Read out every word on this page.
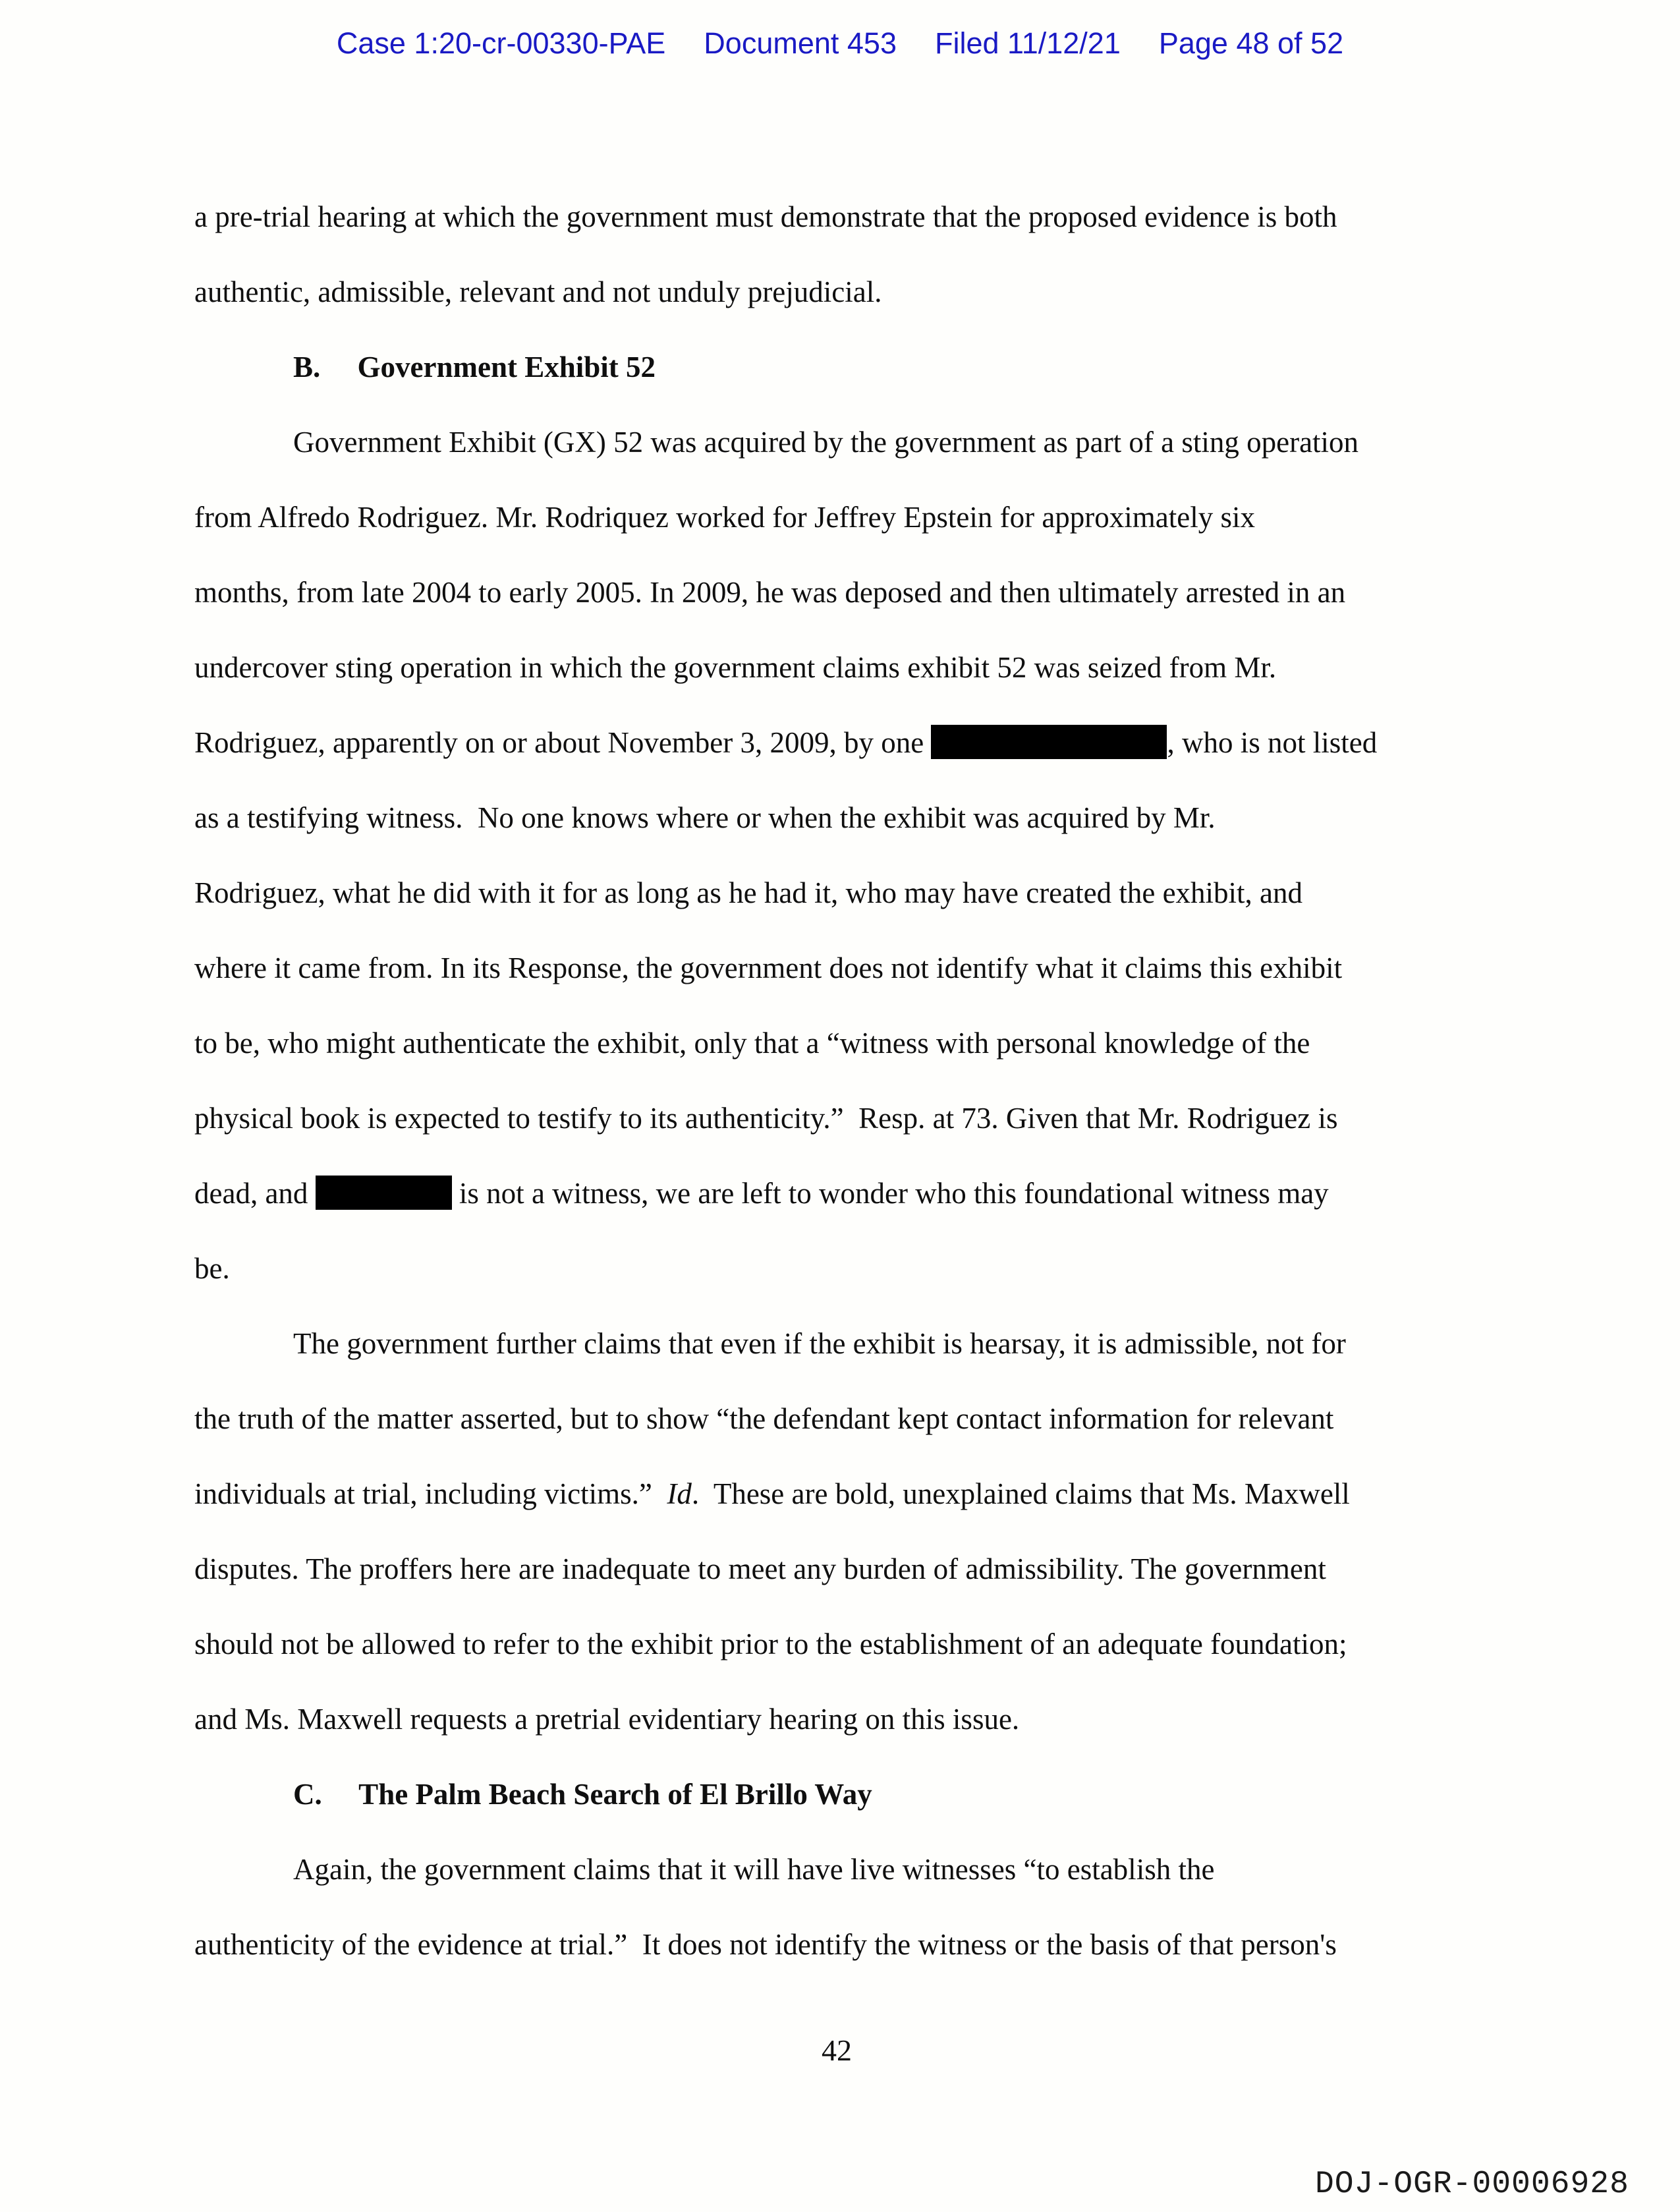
Case 1:20-cr-00330-PAE Document 453 Filed 11/12/21 Page 48 of 52
a pre-trial hearing at which the government must demonstrate that the proposed evidence is both
authentic, admissible, relevant and not unduly prejudicial.
B.     Government Exhibit 52
Government Exhibit (GX) 52 was acquired by the government as part of a sting operation
from Alfredo Rodriguez. Mr. Rodriquez worked for Jeffrey Epstein for approximately six
months, from late 2004 to early 2005. In 2009, he was deposed and then ultimately arrested in an
undercover sting operation in which the government claims exhibit 52 was seized from Mr.
Rodriguez, apparently on or about November 3, 2009, by one	, who is not listed
as a testifying witness.  No one knows where or when the exhibit was acquired by Mr.
Rodriguez, what he did with it for as long as he had it, who may have created the exhibit, and
where it came from. In its Response, the government does not identify what it claims this exhibit
to be, who might authenticate the exhibit, only that a “witness with personal knowledge of the
physical book is expected to testify to its authenticity.”  Resp. at 73. Given that Mr. Rodriguez is
dead, and	is not a witness, we are left to wonder who this foundational witness may
be.
The government further claims that even if the exhibit is hearsay, it is admissible, not for
the truth of the matter asserted, but to show “the defendant kept contact information for relevant
individuals at trial, including victims.”  Id.  These are bold, unexplained claims that Ms. Maxwell
disputes. The proffers here are inadequate to meet any burden of admissibility. The government
should not be allowed to refer to the exhibit prior to the establishment of an adequate foundation;
and Ms. Maxwell requests a pretrial evidentiary hearing on this issue.
C.     The Palm Beach Search of El Brillo Way
Again, the government claims that it will have live witnesses “to establish the
authenticity of the evidence at trial.”  It does not identify the witness or the basis of that person's
42
DOJ-OGR-00006928
